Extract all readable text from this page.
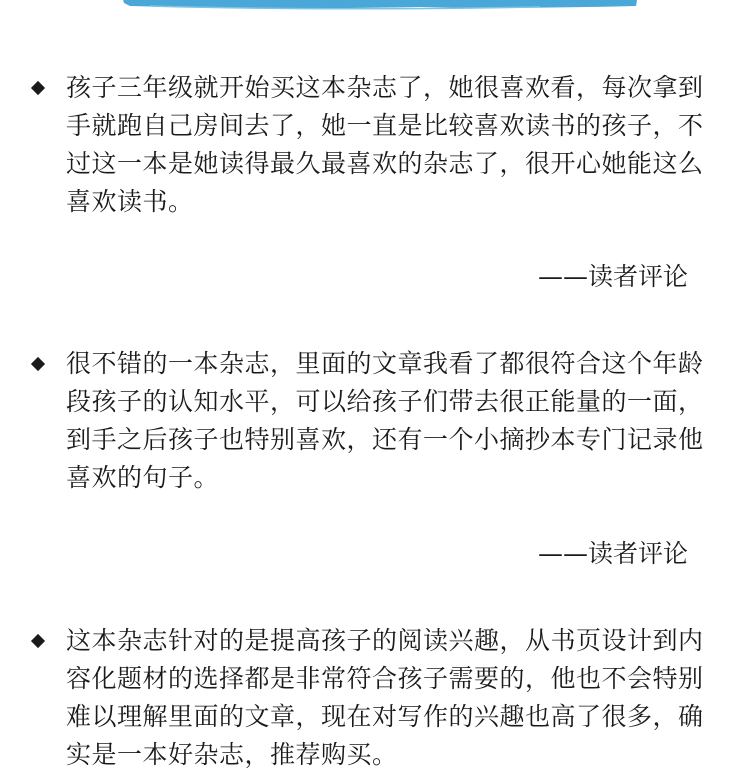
孩子三年级就开始买这本杂志了，她很喜欢看，每次拿到手就跑自己房间去了，她一直是比较喜欢读书的孩子，不过这一本是她读得最久最喜欢的杂志了，很开心她能这么喜欢读书。

——读者评论

很不错的一本杂志，里面的文章我看了都很符合这个年龄段孩子的认知水平，可以给孩子们带去很正能量的一面，到手之后孩子也特别喜欢，还有一个小摘抄本专门记录他喜欢的句子。

——读者评论

这本杂志针对的是提高孩子的阅读兴趣，从书页设计到内容化题材的选择都是非常符合孩子需要的，他也不会特别难以理解里面的文章，现在对写作的兴趣也高了很多，确实是一本好杂志，推荐购买。
